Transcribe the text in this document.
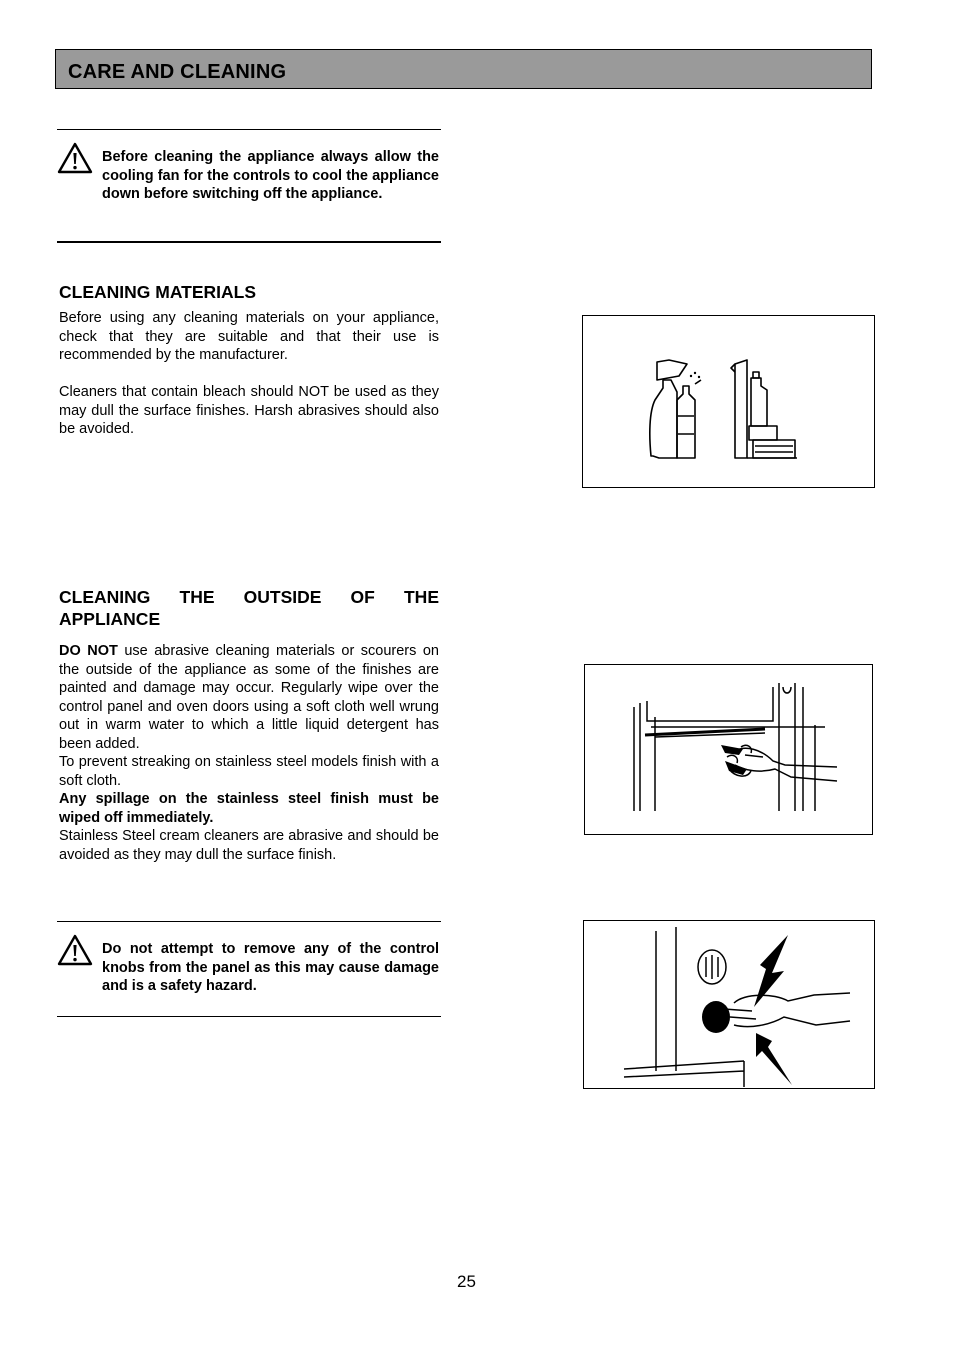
CARE AND CLEANING
Before cleaning the appliance always allow the cooling fan for the controls to cool the appliance down before switching off the appliance.
CLEANING MATERIALS

Before using any cleaning materials on your appliance, check that they are suitable and that their use is recommended by the manufacturer.

Cleaners that contain bleach should NOT be used as they may dull the surface finishes. Harsh abrasives should also be avoided.

CLEANING THE OUTSIDE OF THE
APPLIANCE

DO NOT use abrasive cleaning materials or scourers on the outside of the appliance as some of the finishes are painted and damage may occur. Regularly wipe over the control panel and oven doors using a soft cloth well wrung out in warm water to which a little liquid detergent has been added.

To prevent streaking on stainless steel models finish with a soft cloth.

Any spillage on the stainless steel finish must be wiped off immediately.

Stainless Steel cream cleaners are abrasive and should be avoided as they may dull the surface finish.

Do not attempt to remove any of the control knobs from the panel as this may cause damage and is a safety hazard.
25
